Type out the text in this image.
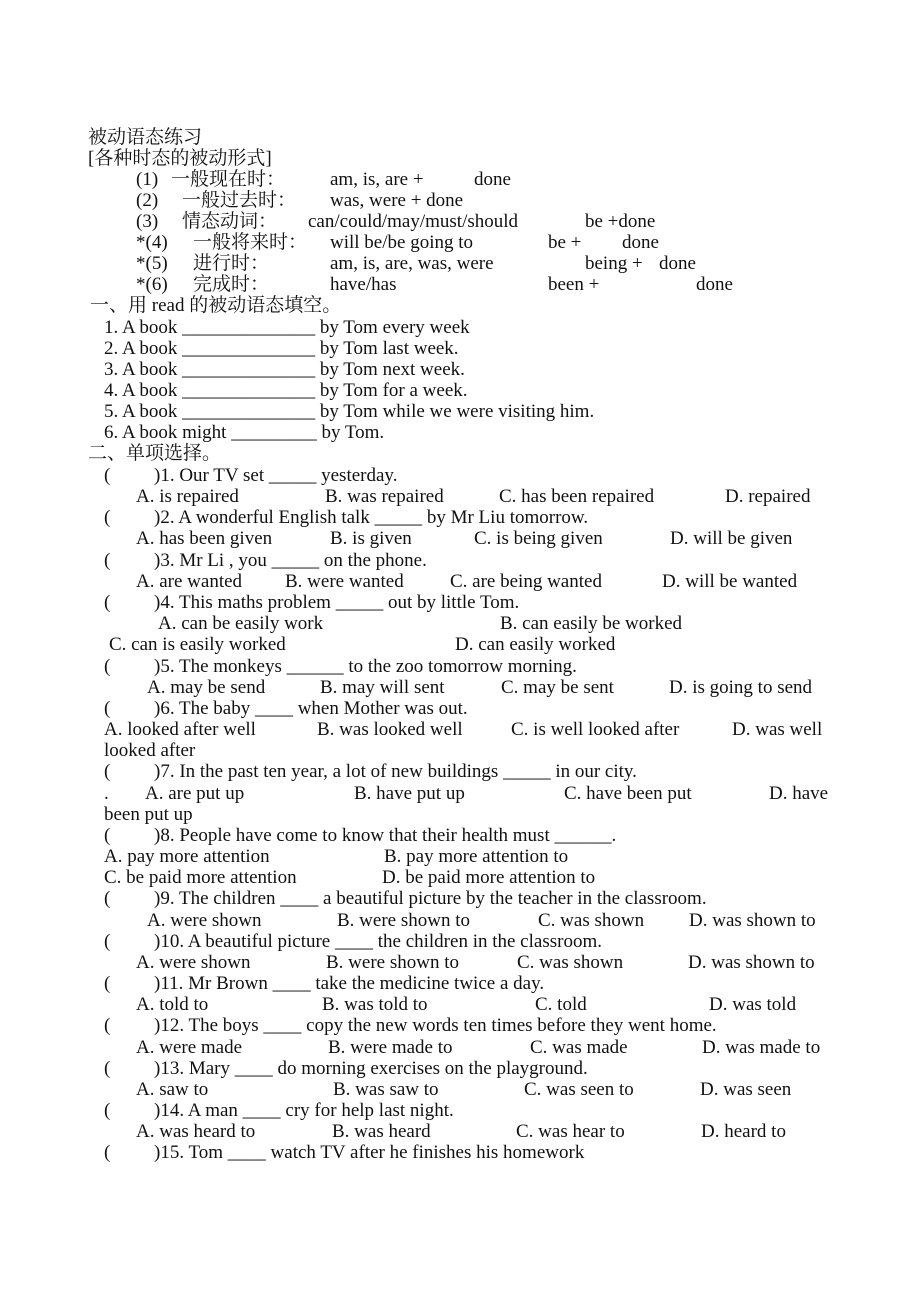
被动语态练习
[各种时态的被动形式]
(1) 一般现在时： am, is, are +	done
(2) 一般过去时： was, were + done
(3) 情态动词： can/could/may/must/should	be +done
*(4) 一般将来时： will be/be going to	be + done
*(5) 进行时：	am, is, are, was, were	being + done
*(6) 完成时：	have/has	been +	done
一、用 read 的被动语态填空。
1. A book ______________ by Tom every week
2. A book ______________ by Tom last week.
3. A book ______________ by Tom next week.
4. A book ______________ by Tom for a week.
5. A book ______________ by Tom while we were visiting him.
6. A book might _________ by Tom.
二、单项选择。
( )1. Our TV set _____ yesterday.
A. is repaired	B. was repaired	C. has been repaired	D. repaired
( )2. A wonderful English talk _____ by Mr Liu tomorrow.
A. has been given	B. is given	C. is being given	D. will be given
( )3. Mr Li , you _____ on the phone.
A. are wanted B. were wanted C. are being wanted	D. will be wanted
( )4. This maths problem _____ out by little Tom.
A. can be easily work	B. can easily be worked
C. can is easily worked	D. can easily worked
( )5. The monkeys ______ to the zoo tomorrow morning.
A. may be send	B. may will sent	C. may be sent	D. is going to send
( )6. The baby ____ when Mother was out.
A. looked after well	B. was looked well	C. is well looked after	D. was well
looked after
( )7. In the past ten year, a lot of new buildings _____ in our city.
. A. are put up	B. have put up	C. have been put	D. have
been put up
( )8. People have come to know that their health must ______.
A. pay more attention	B. pay more attention to
C. be paid more attention	D. be paid more attention to
( )9. The children ____ a beautiful picture by the teacher in the classroom.
A. were shown	B. were shown to	C. was shown D. was shown to
( )10. A beautiful picture ____ the children in the classroom.
A. were shown	B. were shown to	C. was shown	D. was shown to
( )11. Mr Brown ____ take the medicine twice a day.
A. told to	B. was told to	C. told	D. was told
( )12. The boys ____ copy the new words ten times before they went home.
A. were made	B. were made to	C. was made	D. was made to
( )13. Mary ____ do morning exercises on the playground.
A. saw to	B. was saw to	C. was seen to	D. was seen
( )14. A man ____ cry for help last night.
A. was heard to	B. was heard	C. was hear to	D. heard to
( )15. Tom ____ watch TV after he finishes his homework
